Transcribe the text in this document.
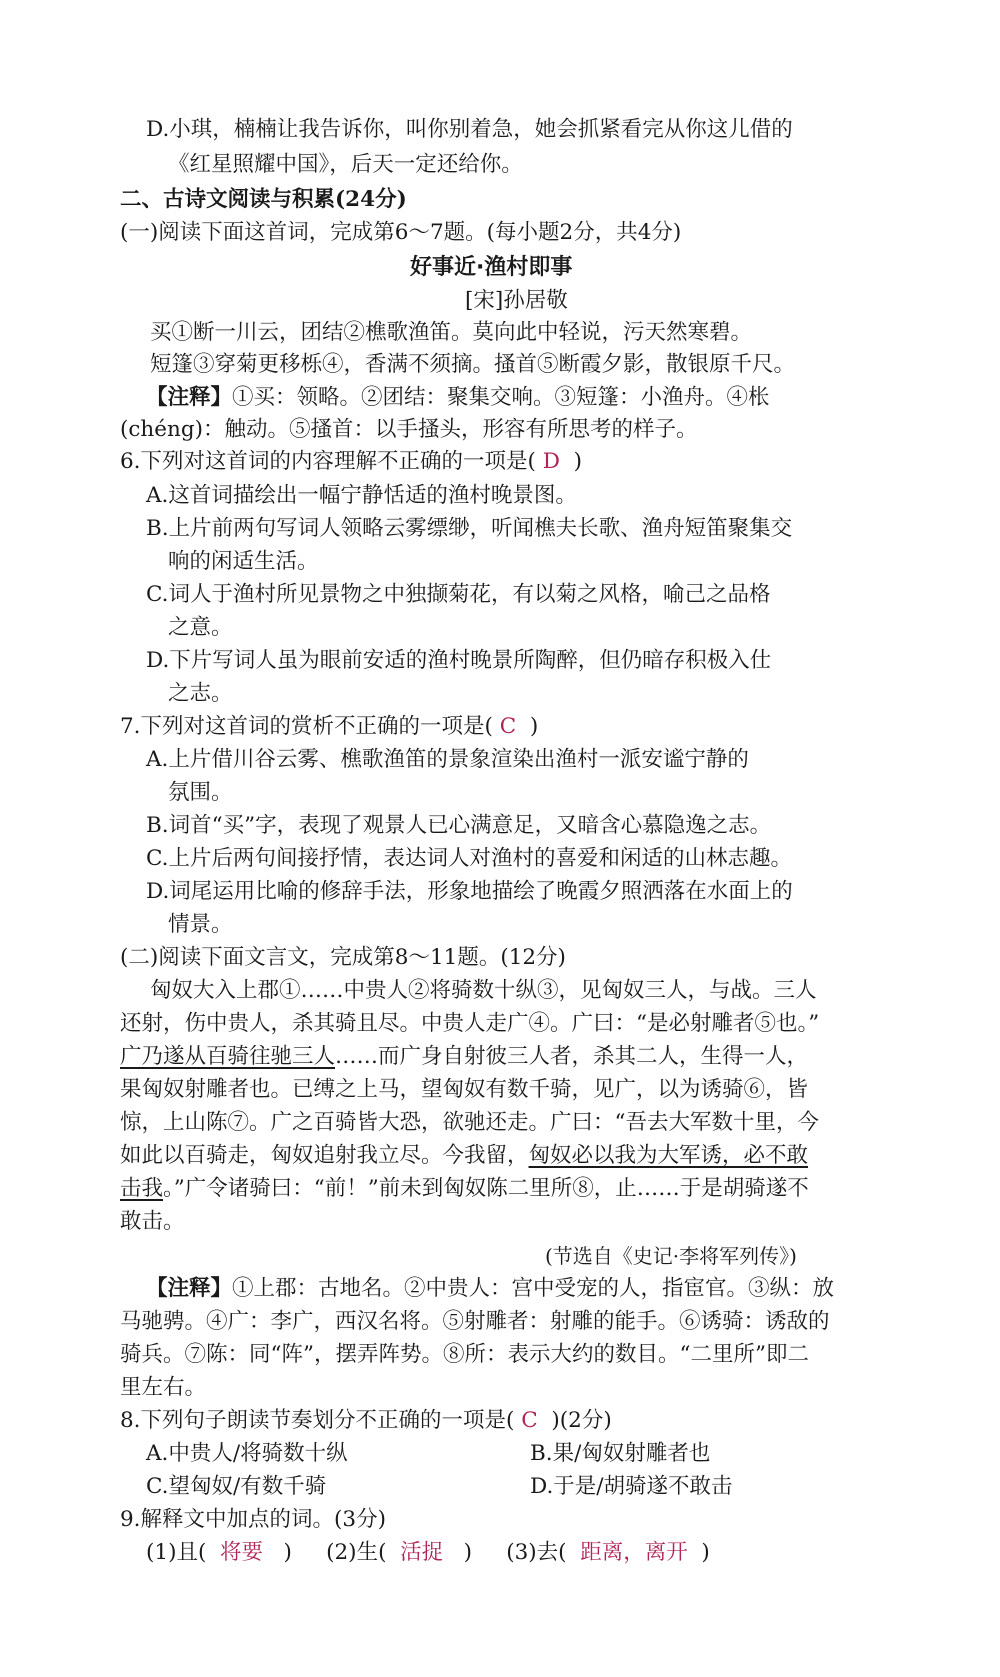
D.小琪，楠楠让我告诉你，叫你别着急，她会抓紧看完从你这儿借的
《红星照耀中国》，后天一定还给你。
二、古诗文阅读与积累(24分)
(一)阅读下面这首词，完成第6～7题。(每小题2分，共4分)
好事近·渔村即事
[宋]孙居敬
买①断一川云，团结②樵歌渔笛。莫向此中轻说，污天然寒碧。
短篷③穿菊更移栎④，香满不须摘。搔首⑤断霞夕影，散银原千尺。
【注释】①买：领略。②团结：聚集交响。③短篷：小渔舟。④枨
(chéng)：触动。⑤搔首：以手搔头，形容有所思考的样子。
6.下列对这首词的内容理解不正确的一项是( D )
A.这首词描绘出一幅宁静恬适的渔村晚景图。
B.上片前两句写词人领略云雾缥缈，听闻樵夫长歌、渔舟短笛聚集交
响的闲适生活。
C.词人于渔村所见景物之中独撷菊花，有以菊之风格，喻己之品格
之意。
D.下片写词人虽为眼前安适的渔村晚景所陶醉，但仍暗存积极入仕
之志。
7.下列对这首词的赏析不正确的一项是( C )
A.上片借川谷云雾、樵歌渔笛的景象渲染出渔村一派安谧宁静的
氛围。
B.词首“买”字，表现了观景人已心满意足，又暗含心慕隐逸之志。
C.上片后两句间接抒情，表达词人对渔村的喜爱和闲适的山林志趣。
D.词尾运用比喻的修辞手法，形象地描绘了晚霞夕照洒落在水面上的
情景。
(二)阅读下面文言文，完成第8～11题。(12分)
匈奴大入上郡①……中贵人②将骑数十纵③，见匈奴三人，与战。三人
还射，伤中贵人，杀其骑且尽。中贵人走广④。广曰：“是必射雕者⑤也。”
广乃遂从百骑往驰三人……而广身自射彼三人者，杀其二人，生得一人，
果匈奴射雕者也。已缚之上马，望匈奴有数千骑，见广，以为诱骑⑥，皆
惊，上山陈⑦。广之百骑皆大恐，欲驰还走。广曰：“吾去大军数十里，今
如此以百骑走，匈奴追射我立尽。今我留，匈奴必以我为大军诱，必不敢
击我。”广令诸骑曰：“前！”前未到匈奴陈二里所⑧，止……于是胡骑遂不
敢击。
(节选自《史记·李将军列传》)
【注释】①上郡：古地名。②中贵人：宫中受宠的人，指宦官。③纵：放
马驰骋。④广：李广，西汉名将。⑤射雕者：射雕的能手。⑥诱骑：诱敌的
骑兵。⑦陈：同“阵”，摆弄阵势。⑧所：表示大约的数目。“二里所”即二
里左右。
8.下列句子朗读节奏划分不正确的一项是( C )(2分)
A.中贵人/将骑数十纵	B.果/匈奴射雕者也
C.望匈奴/有数千骑	D.于是/胡骑遂不敢击
9.解释文中加点的词。(3分)
(1)且( 将要 ) (2)生( 活捉 ) (3)去( 距离，离开 )
